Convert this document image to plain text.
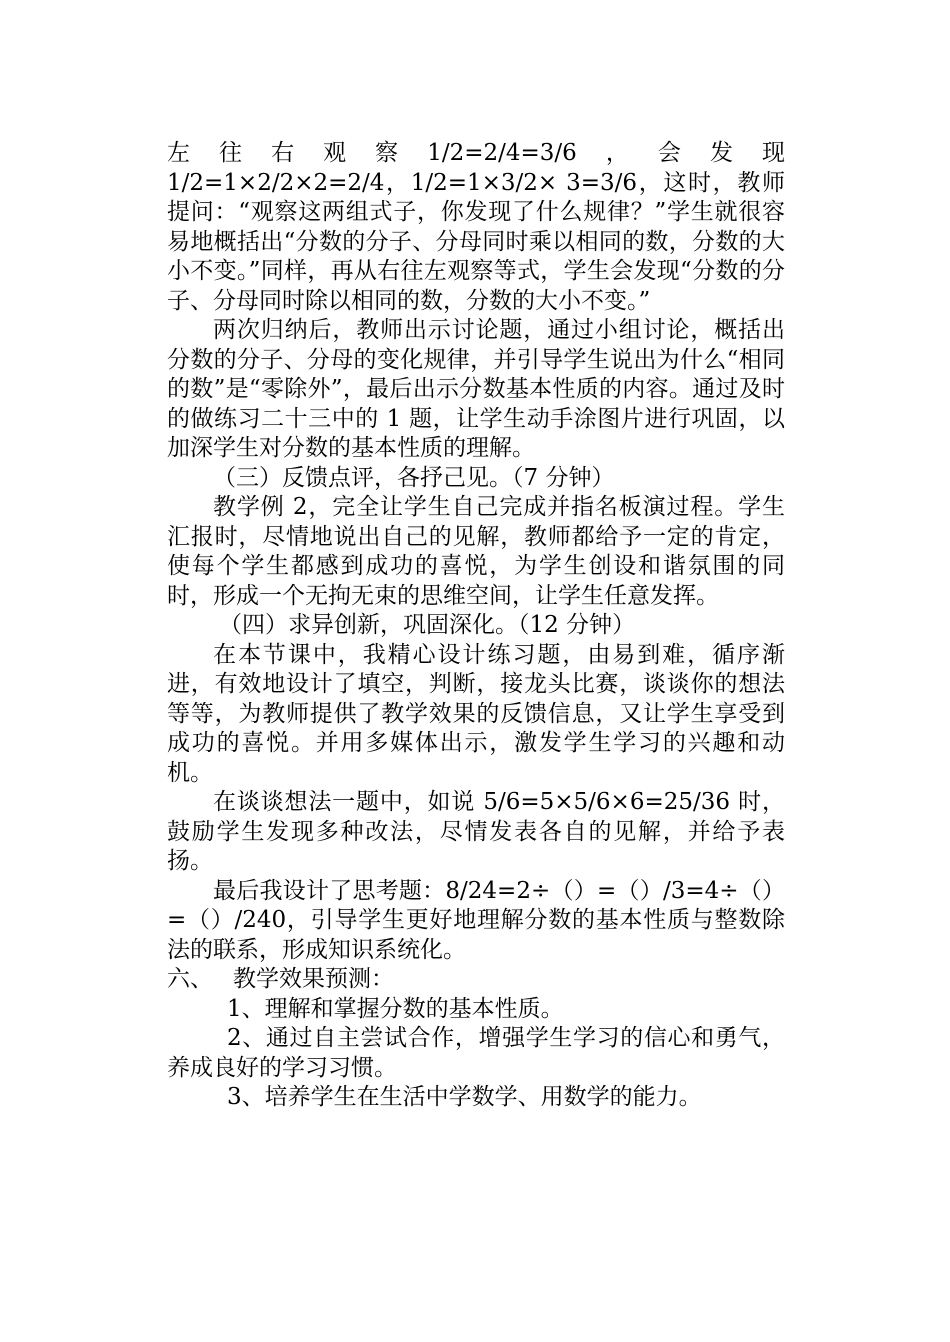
左往右观察1/2=2/4=3/6，会发现

1/2=1×2/2×2=2/4，1/2=1×3/2× 3=3/6，这时，教师提问：“观察这两组式子，你发现了什么规律？”学生就很容易地概括出“分数的分子、分母同时乘以相同的数，分数的大小不变。”同样，再从右往左观察等式，学生会发现“分数的分子、分母同时除以相同的数，分数的大小不变。”

两次归纳后，教师出示讨论题，通过小组讨论，概括出分数的分子、分母的变化规律，并引导学生说出为什么“相同的数”是“零除外”，最后出示分数基本性质的内容。通过及时的做练习二十三中的 1 题，让学生动手涂图片进行巩固，以加深学生对分数的基本性质的理解。

（三）反馈点评，各抒己见。（7 分钟）

教学例 2，完全让学生自己完成并指名板演过程。学生汇报时，尽情地说出自己的见解，教师都给予一定的肯定，使每个学生都感到成功的喜悦，为学生创设和谐氛围的同时，形成一个无拘无束的思维空间，让学生任意发挥。

（四）求异创新，巩固深化。（12 分钟）

在本节课中，我精心设计练习题，由易到难，循序渐进，有效地设计了填空，判断，接龙头比赛，谈谈你的想法等等，为教师提供了教学效果的反馈信息，又让学生享受到成功的喜悦。并用多媒体出示，激发学生学习的兴趣和动机。

在谈谈想法一题中，如说 5/6=5×5/6×6=25/36 时，鼓励学生发现多种改法，尽情发表各自的见解，并给予表扬。

最后我设计了思考题：8/24=2÷（）=（）/3=4÷（）=（）/240，引导学生更好地理解分数的基本性质与整数除法的联系，形成知识系统化。

六、 教学效果预测：

1、理解和掌握分数的基本性质。

2、通过自主尝试合作，增强学生学习的信心和勇气，养成良好的学习习惯。

3、培养学生在生活中学数学、用数学的能力。
